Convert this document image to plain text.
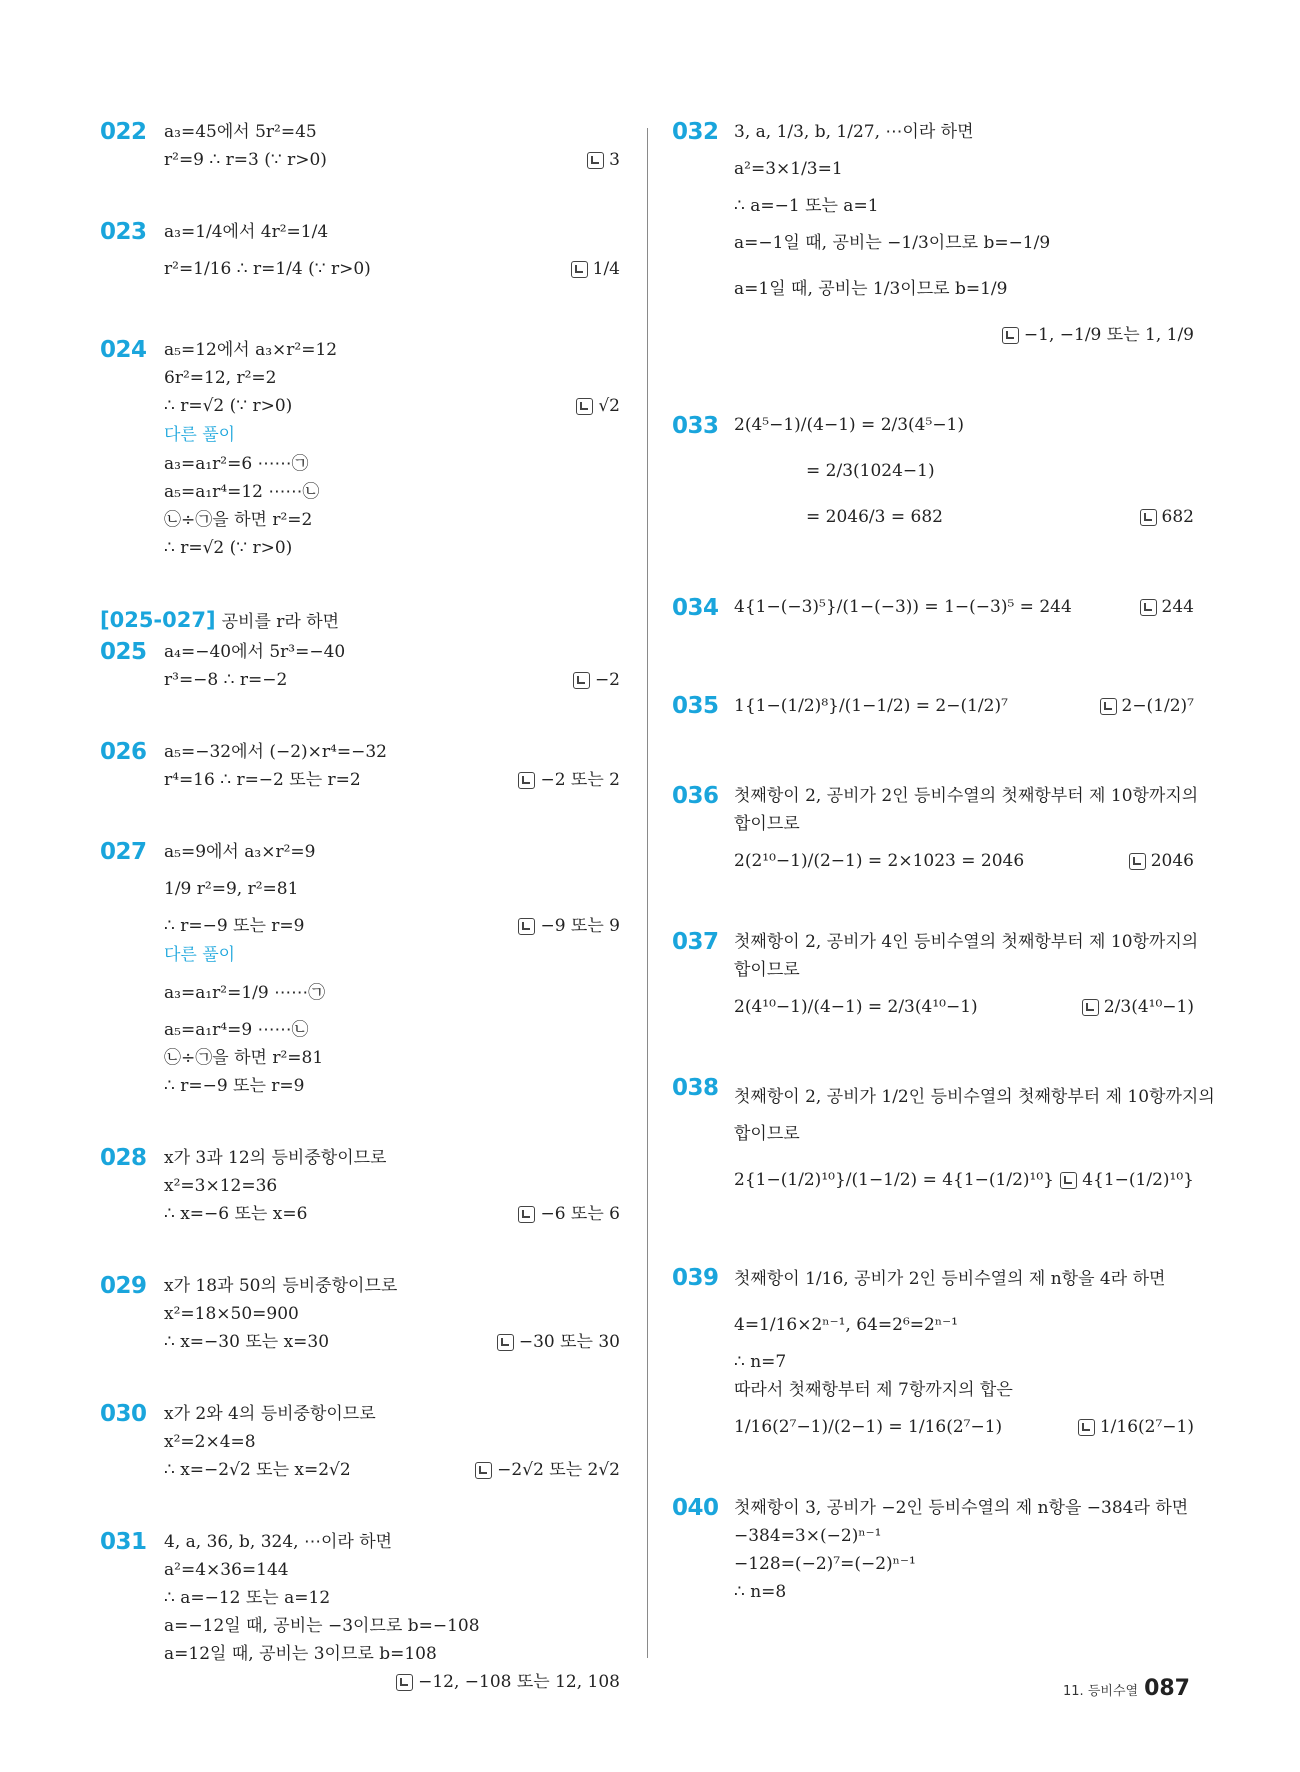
022 a₃=45에서 5r²=45
r²=9 ∴ r=3 (∵ r>0)	3
023 a₃=1/4에서 4r²=1/4
r²=1/16 ∴ r=1/4 (∵ r>0)	1/4
024 a₅=12에서 a₃×r²=12
6r²=12, r²=2
∴ r=√2 (∵ r>0)	√2
다른 풀이
a₃=a₁r²=6 ⋯⋯㉠
a₅=a₁r⁴=12 ⋯⋯㉡
㉡÷㉠을 하면 r²=2
∴ r=√2 (∵ r>0)
[025-027] 공비를 r라 하면
025 a₄=−40에서 5r³=−40
r³=−8 ∴ r=−2	−2
026 a₅=−32에서 (−2)×r⁴=−32
r⁴=16 ∴ r=−2 또는 r=2	−2 또는 2
027 a₅=9에서 a₃×r²=9
1/9 r²=9, r²=81
∴ r=−9 또는 r=9	−9 또는 9
다른 풀이
a₃=a₁r²=1/9 ⋯⋯㉠
a₅=a₁r⁴=9 ⋯⋯㉡
㉡÷㉠을 하면 r²=81
∴ r=−9 또는 r=9
028 x가 3과 12의 등비중항이므로
x²=3×12=36
∴ x=−6 또는 x=6	−6 또는 6
029 x가 18과 50의 등비중항이므로
x²=18×50=900
∴ x=−30 또는 x=30	−30 또는 30
030 x가 2와 4의 등비중항이므로
x²=2×4=8
∴ x=−2√2 또는 x=2√2	−2√2 또는 2√2
031 4, a, 36, b, 324, ⋯이라 하면
a²=4×36=144
∴ a=−12 또는 a=12
a=−12일 때, 공비는 −3이므로 b=−108
a=12일 때, 공비는 3이므로 b=108
−12, −108 또는 12, 108
032 3, a, 1/3, b, 1/27, ⋯이라 하면
a²=3×1/3=1
∴ a=−1 또는 a=1
a=−1일 때, 공비는 −1/3이므로 b=−1/9
a=1일 때, 공비는 1/3이므로 b=1/9
−1, −1/9 또는 1, 1/9
033 2(4⁵−1)/(4−1) = 2/3(4⁵−1)
= 2/3(1024−1)
= 2046/3 = 682	682
034 4{1−(−3)⁵}/(1−(−3)) = 1−(−3)⁵ = 244	244
035 1{1−(1/2)⁸}/(1−1/2) = 2−(1/2)⁷	2−(1/2)⁷
036 첫째항이 2, 공비가 2인 등비수열의 첫째항부터 제 10항까지의
합이므로
2(2¹⁰−1)/(2−1) = 2×1023 = 2046	2046
037 첫째항이 2, 공비가 4인 등비수열의 첫째항부터 제 10항까지의
합이므로
2(4¹⁰−1)/(4−1) = 2/3(4¹⁰−1)	2/3(4¹⁰−1)
038 첫째항이 2, 공비가 1/2인 등비수열의 첫째항부터 제 10항까지의
합이므로
2{1−(1/2)¹⁰}/(1−1/2) = 4{1−(1/2)¹⁰} 4{1−(1/2)¹⁰}
039 첫째항이 1/16, 공비가 2인 등비수열의 제 n항을 4라 하면
4=1/16×2ⁿ⁻¹, 64=2⁶=2ⁿ⁻¹
∴ n=7
따라서 첫째항부터 제 7항까지의 합은
1/16(2⁷−1)/(2−1) = 1/16(2⁷−1)	1/16(2⁷−1)
040 첫째항이 3, 공비가 −2인 등비수열의 제 n항을 −384라 하면
−384=3×(−2)ⁿ⁻¹
−128=(−2)⁷=(−2)ⁿ⁻¹
∴ n=8
11. 등비수열 087
